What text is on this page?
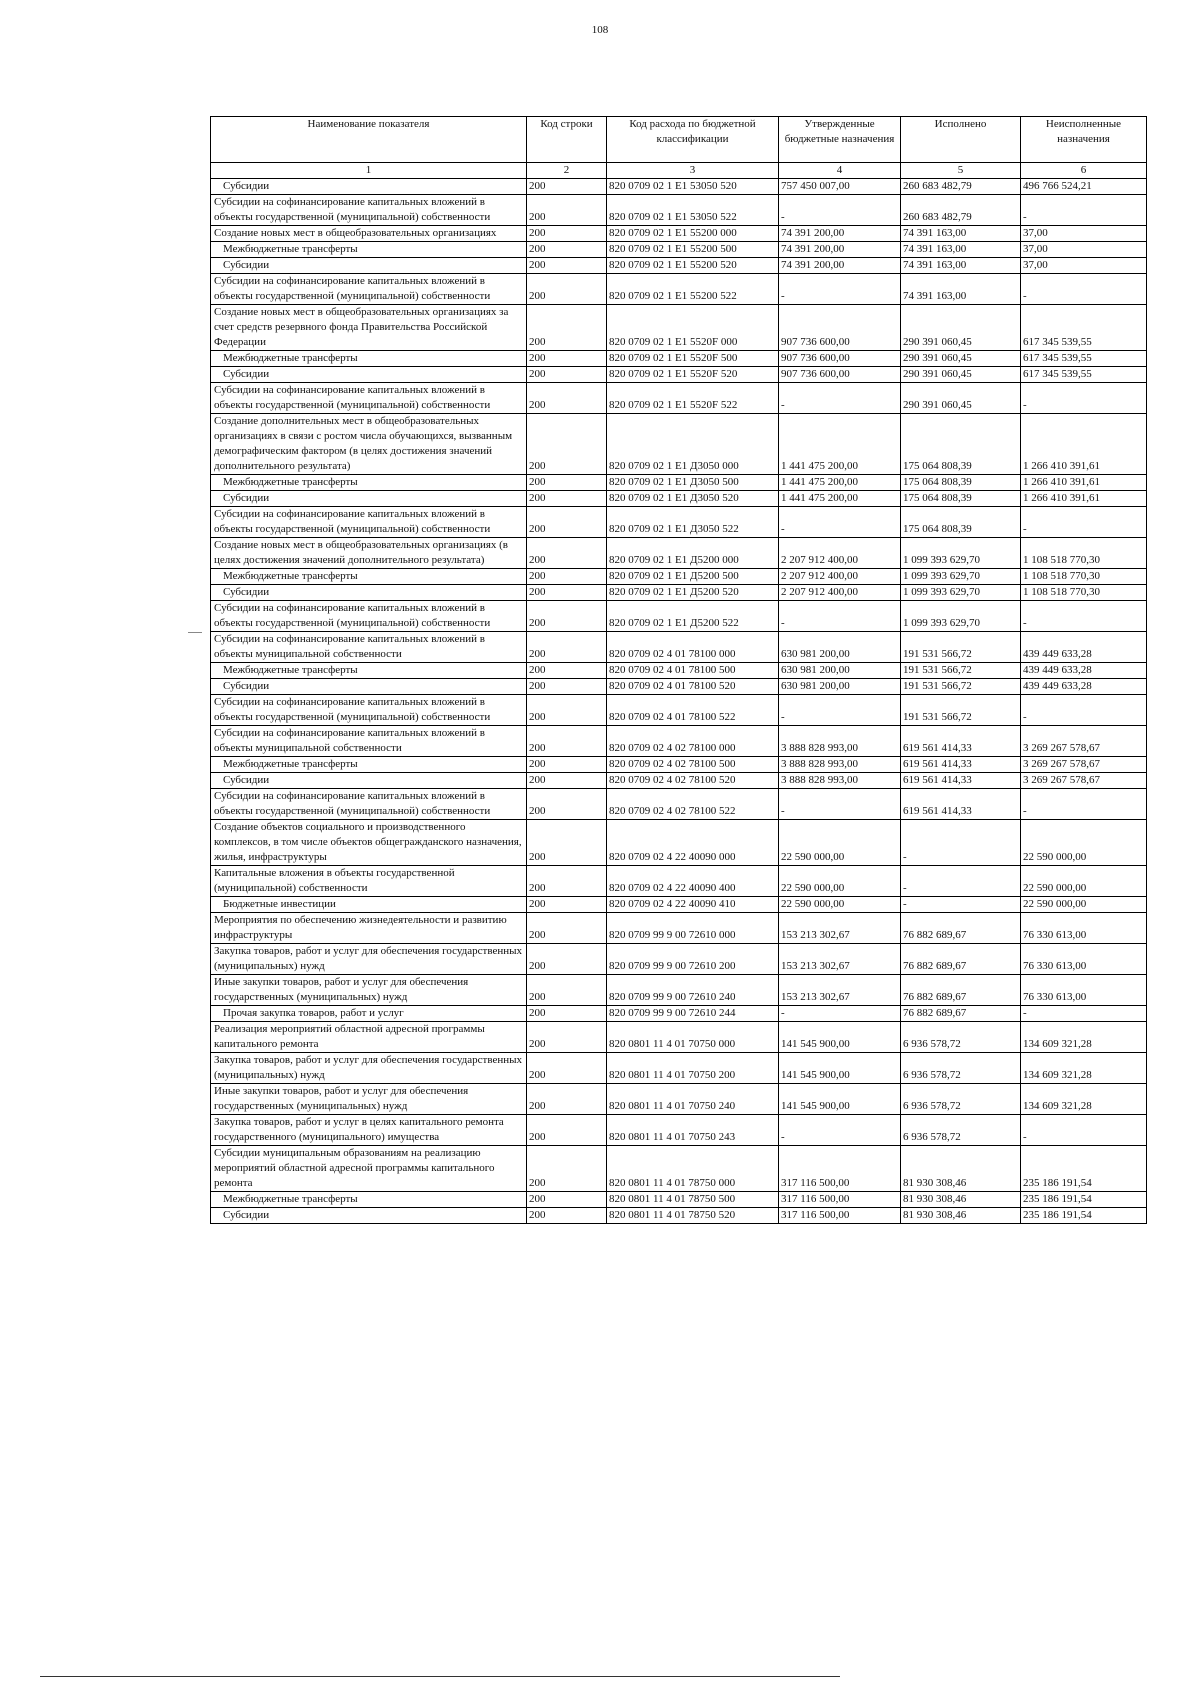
108
Наименование показателя	Код строки	Код расхода по бюджетной классификации	Утвержденные бюджетные назначения	Исполнено	Неисполненные назначения
1	2	3	4	5	6
Субсидии	200	820 0709 02 1 E1 53050 520	757 450 007,00	260 683 482,79	496 766 524,21
Субсидии на софинансирование капитальных вложений в объекты государственной (муниципальной) собственности	200	820 0709 02 1 E1 53050 522	-	260 683 482,79	-
Создание новых мест в общеобразовательных организациях	200	820 0709 02 1 E1 55200 000	74 391 200,00	74 391 163,00	37,00
Межбюджетные трансферты	200	820 0709 02 1 E1 55200 500	74 391 200,00	74 391 163,00	37,00
Субсидии	200	820 0709 02 1 E1 55200 520	74 391 200,00	74 391 163,00	37,00
Субсидии на софинансирование капитальных вложений в объекты государственной (муниципальной) собственности	200	820 0709 02 1 E1 55200 522	-	74 391 163,00	-
Создание новых мест в общеобразовательных организациях за счет средств резервного фонда Правительства Российской Федерации	200	820 0709 02 1 E1 5520F 000	907 736 600,00	290 391 060,45	617 345 539,55
Межбюджетные трансферты	200	820 0709 02 1 E1 5520F 500	907 736 600,00	290 391 060,45	617 345 539,55
Субсидии	200	820 0709 02 1 E1 5520F 520	907 736 600,00	290 391 060,45	617 345 539,55
Субсидии на софинансирование капитальных вложений в объекты государственной (муниципальной) собственности	200	820 0709 02 1 E1 5520F 522	-	290 391 060,45	-
Создание дополнительных мест в общеобразовательных организациях в связи с ростом числа обучающихся, вызванным демографическим фактором (в целях достижения значений дополнительного результата)	200	820 0709 02 1 E1 Д3050 000	1 441 475 200,00	175 064 808,39	1 266 410 391,61
Межбюджетные трансферты	200	820 0709 02 1 E1 Д3050 500	1 441 475 200,00	175 064 808,39	1 266 410 391,61
Субсидии	200	820 0709 02 1 E1 Д3050 520	1 441 475 200,00	175 064 808,39	1 266 410 391,61
Субсидии на софинансирование капитальных вложений в объекты государственной (муниципальной) собственности	200	820 0709 02 1 E1 Д3050 522	-	175 064 808,39	-
Создание новых мест в общеобразовательных организациях (в целях достижения значений дополнительного результата)	200	820 0709 02 1 E1 Д5200 000	2 207 912 400,00	1 099 393 629,70	1 108 518 770,30
Межбюджетные трансферты	200	820 0709 02 1 E1 Д5200 500	2 207 912 400,00	1 099 393 629,70	1 108 518 770,30
Субсидии	200	820 0709 02 1 E1 Д5200 520	2 207 912 400,00	1 099 393 629,70	1 108 518 770,30
Субсидии на софинансирование капитальных вложений в объекты государственной (муниципальной) собственности	200	820 0709 02 1 E1 Д5200 522	-	1 099 393 629,70	-
Субсидии на софинансирование капитальных вложений в объекты муниципальной собственности	200	820 0709 02 4 01 78100 000	630 981 200,00	191 531 566,72	439 449 633,28
Межбюджетные трансферты	200	820 0709 02 4 01 78100 500	630 981 200,00	191 531 566,72	439 449 633,28
Субсидии	200	820 0709 02 4 01 78100 520	630 981 200,00	191 531 566,72	439 449 633,28
Субсидии на софинансирование капитальных вложений в объекты государственной (муниципальной) собственности	200	820 0709 02 4 01 78100 522	-	191 531 566,72	-
Субсидии на софинансирование капитальных вложений в объекты муниципальной собственности	200	820 0709 02 4 02 78100 000	3 888 828 993,00	619 561 414,33	3 269 267 578,67
Межбюджетные трансферты	200	820 0709 02 4 02 78100 500	3 888 828 993,00	619 561 414,33	3 269 267 578,67
Субсидии	200	820 0709 02 4 02 78100 520	3 888 828 993,00	619 561 414,33	3 269 267 578,67
Субсидии на софинансирование капитальных вложений в объекты государственной (муниципальной) собственности	200	820 0709 02 4 02 78100 522	-	619 561 414,33	-
Создание объектов социального и производственного комплексов, в том числе объектов общегражданского назначения, жилья, инфраструктуры	200	820 0709 02 4 22 40090 000	22 590 000,00	-	22 590 000,00
Капитальные вложения в объекты государственной (муниципальной) собственности	200	820 0709 02 4 22 40090 400	22 590 000,00	-	22 590 000,00
Бюджетные инвестиции	200	820 0709 02 4 22 40090 410	22 590 000,00	-	22 590 000,00
Мероприятия по обеспечению жизнедеятельности и развитию инфраструктуры	200	820 0709 99 9 00 72610 000	153 213 302,67	76 882 689,67	76 330 613,00
Закупка товаров, работ и услуг для обеспечения государственных (муниципальных) нужд	200	820 0709 99 9 00 72610 200	153 213 302,67	76 882 689,67	76 330 613,00
Иные закупки товаров, работ и услуг для обеспечения государственных (муниципальных) нужд	200	820 0709 99 9 00 72610 240	153 213 302,67	76 882 689,67	76 330 613,00
Прочая закупка товаров, работ и услуг	200	820 0709 99 9 00 72610 244	-	76 882 689,67	-
Реализация мероприятий областной адресной программы капитального ремонта	200	820 0801 11 4 01 70750 000	141 545 900,00	6 936 578,72	134 609 321,28
Закупка товаров, работ и услуг для обеспечения государственных (муниципальных) нужд	200	820 0801 11 4 01 70750 200	141 545 900,00	6 936 578,72	134 609 321,28
Иные закупки товаров, работ и услуг для обеспечения государственных (муниципальных) нужд	200	820 0801 11 4 01 70750 240	141 545 900,00	6 936 578,72	134 609 321,28
Закупка товаров, работ и услуг в целях капитального ремонта государственного (муниципального) имущества	200	820 0801 11 4 01 70750 243	-	6 936 578,72	-
Субсидии муниципальным образованиям на реализацию мероприятий областной адресной программы капитального ремонта	200	820 0801 11 4 01 78750 000	317 116 500,00	81 930 308,46	235 186 191,54
Межбюджетные трансферты	200	820 0801 11 4 01 78750 500	317 116 500,00	81 930 308,46	235 186 191,54
Субсидии	200	820 0801 11 4 01 78750 520	317 116 500,00	81 930 308,46	235 186 191,54
